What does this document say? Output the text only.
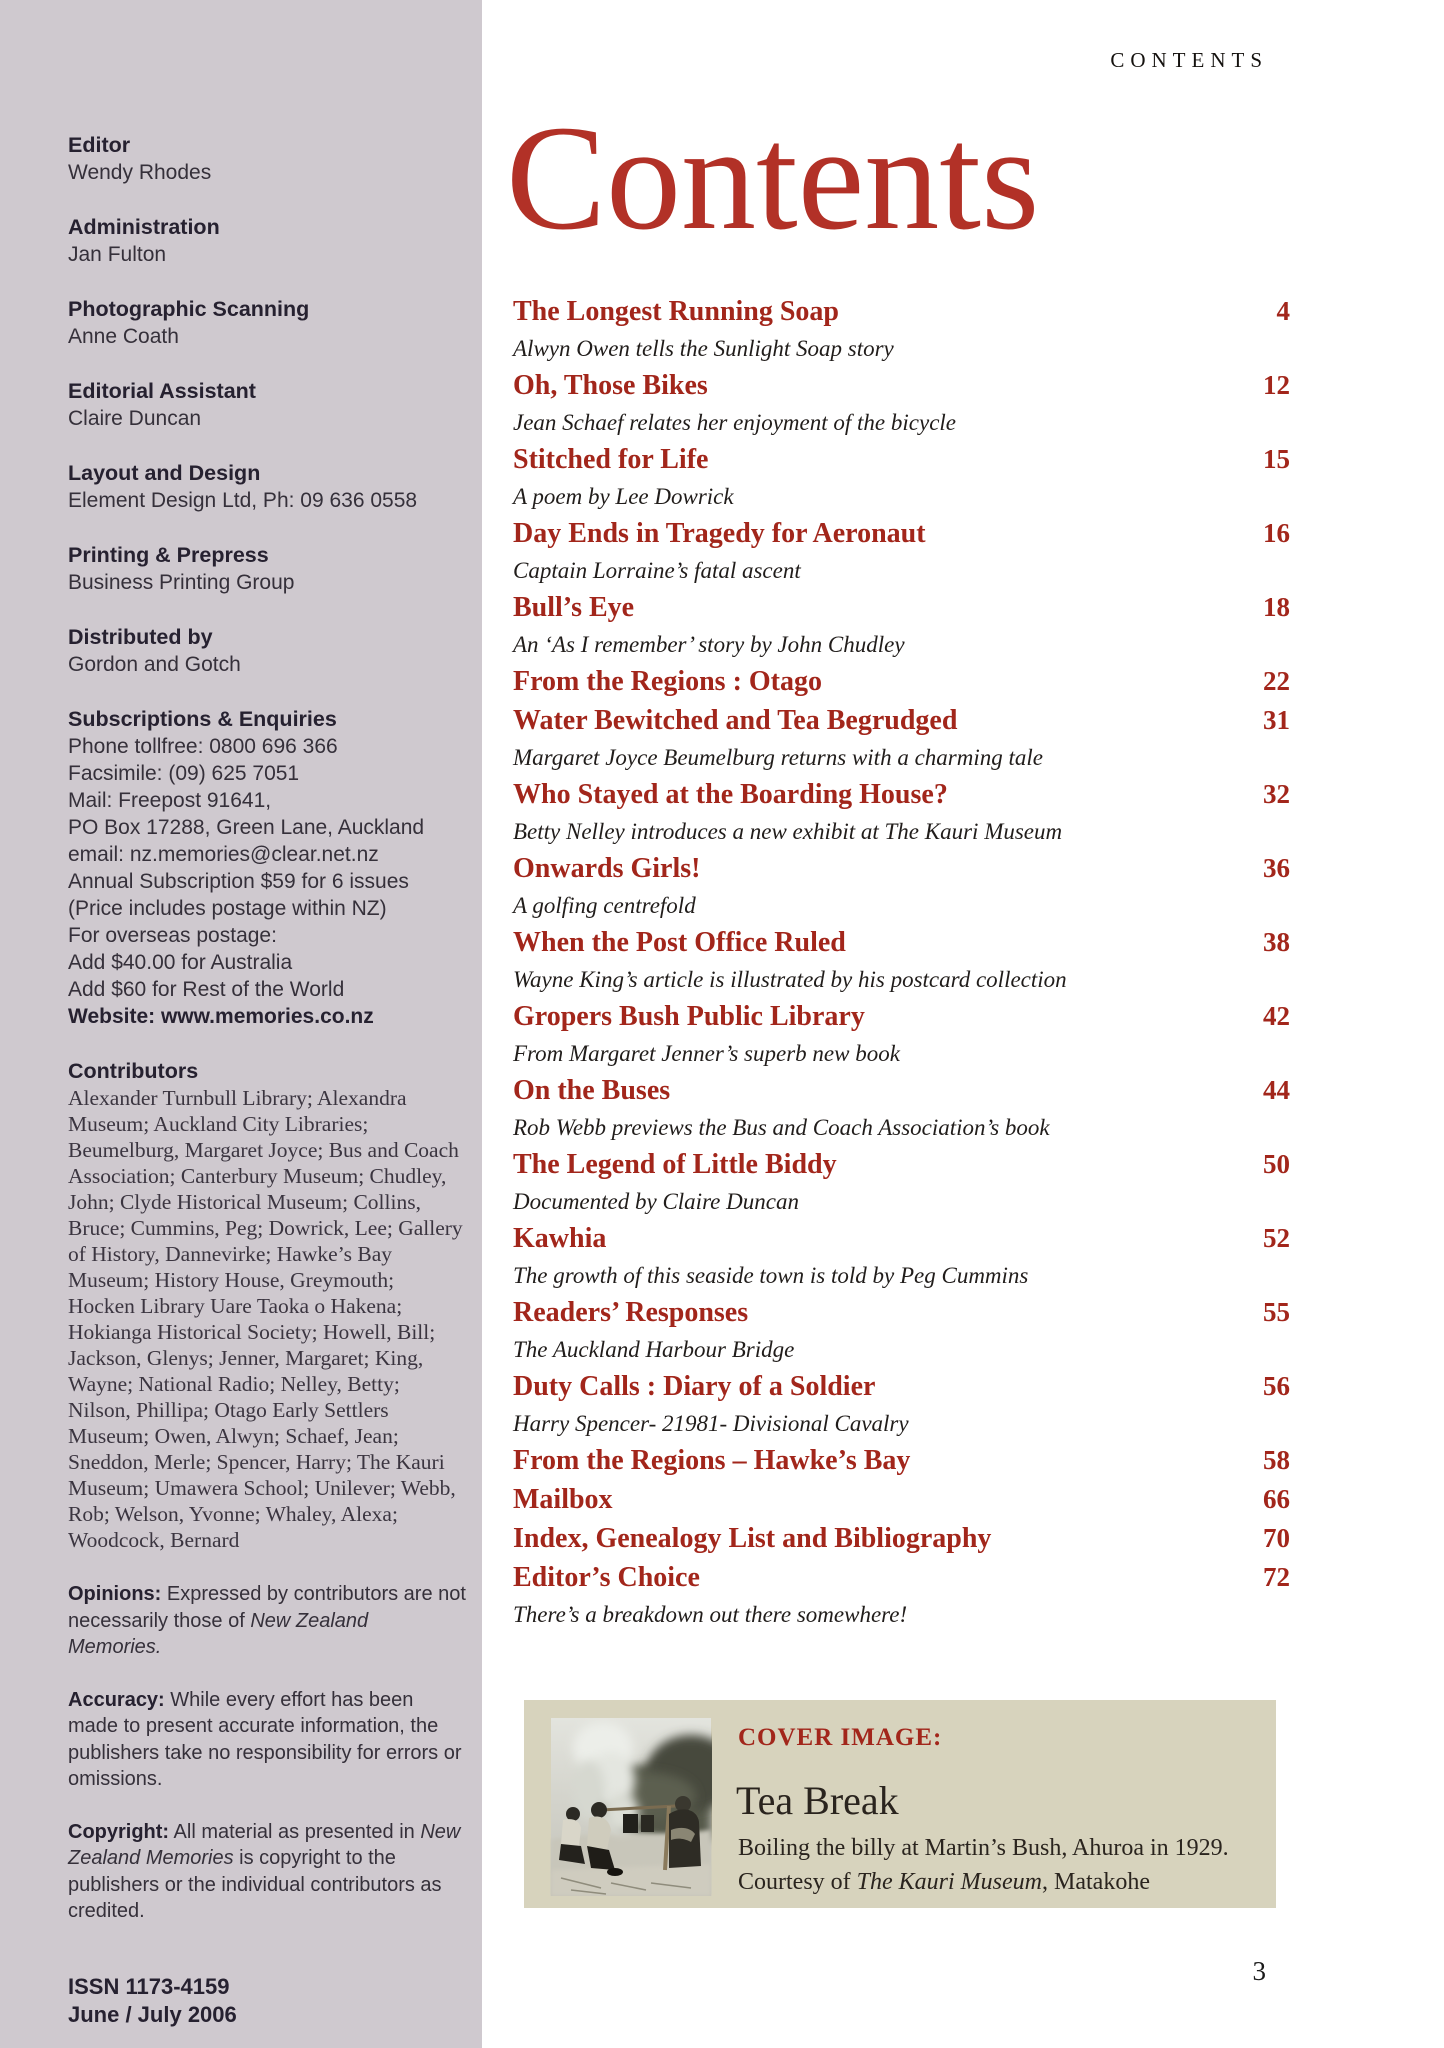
Editor

Wendy Rhodes

Administration

Jan Fulton

Photographic Scanning

Anne Coath

Editorial Assistant

Claire Duncan

Layout and Design

Element Design Ltd, Ph: 09 636 0558

Printing & Prepress

Business Printing Group

Distributed by

Gordon and Gotch

Subscriptions & Enquiries

Phone tollfree: 0800 696 366

Facsimile: (09) 625 7051

Mail: Freepost 91641,

PO Box 17288, Green Lane, Auckland

email: nz.memories@clear.net.nz

Annual Subscription $59 for 6 issues

(Price includes postage within NZ)

For overseas postage:

Add $40.00 for Australia

Add $60 for Rest of the World

Website: www.memories.co.nz

Contributors

Alexander Turnbull Library; Alexandra Museum; Auckland City Libraries; Beumelburg, Margaret Joyce; Bus and Coach Association; Canterbury Museum; Chudley, John; Clyde Historical Museum; Collins, Bruce; Cummins, Peg; Dowrick, Lee; Gallery of History, Dannevirke; Hawke’s Bay Museum; History House, Greymouth; Hocken Library Uare Taoka o Hakena; Hokianga Historical Society; Howell, Bill; Jackson, Glenys; Jenner, Margaret; King, Wayne; National Radio; Nelley, Betty; Nilson, Phillipa; Otago Early Settlers Museum; Owen, Alwyn; Schaef, Jean; Sneddon, Merle; Spencer, Harry; The Kauri Museum; Umawera School; Unilever; Webb, Rob; Welson, Yvonne; Whaley, Alexa; Woodcock, Bernard

Opinions: Expressed by contributors are not necessarily those of New Zealand Memories.

Accuracy: While every effort has been made to present accurate information, the publishers take no responsibility for errors or omissions.

Copyright: All material as presented in New Zealand Memories is copyright to the publishers or the individual contributors as credited.

ISSN 1173-4159

June / July 2006

CONTENTS
Contents
The Longest Running Soap	4
Alwyn Owen tells the Sunlight Soap story
Oh, Those Bikes	12
Jean Schaef relates her enjoyment of the bicycle
Stitched for Life	15
A poem by Lee Dowrick
Day Ends in Tragedy for Aeronaut	16
Captain Lorraine’s fatal ascent
Bull’s Eye	18
An ‘As I remember’ story by John Chudley
From the Regions : Otago	22
Water Bewitched and Tea Begrudged	31
Margaret Joyce Beumelburg returns with a charming tale
Who Stayed at the Boarding House?	32
Betty Nelley introduces a new exhibit at The Kauri Museum
Onwards Girls!	36
A golfing centrefold
When the Post Office Ruled	38
Wayne King’s article is illustrated by his postcard collection
Gropers Bush Public Library	42
From Margaret Jenner’s superb new book
On the Buses	44
Rob Webb previews the Bus and Coach Association’s book
The Legend of Little Biddy	50
Documented by Claire Duncan
Kawhia	52
The growth of this seaside town is told by Peg Cummins
Readers’ Responses	55
The Auckland Harbour Bridge
Duty Calls : Diary of a Soldier	56
Harry Spencer- 21981- Divisional Cavalry
From the Regions – Hawke’s Bay	58
Mailbox	66
Index, Genealogy List and Bibliography	70
Editor’s Choice	72
There’s a breakdown out there somewhere!
COVER IMAGE:
Tea Break

Boiling the billy at Martin’s Bush, Ahuroa in 1929.

Courtesy of The Kauri Museum, Matakohe

3
